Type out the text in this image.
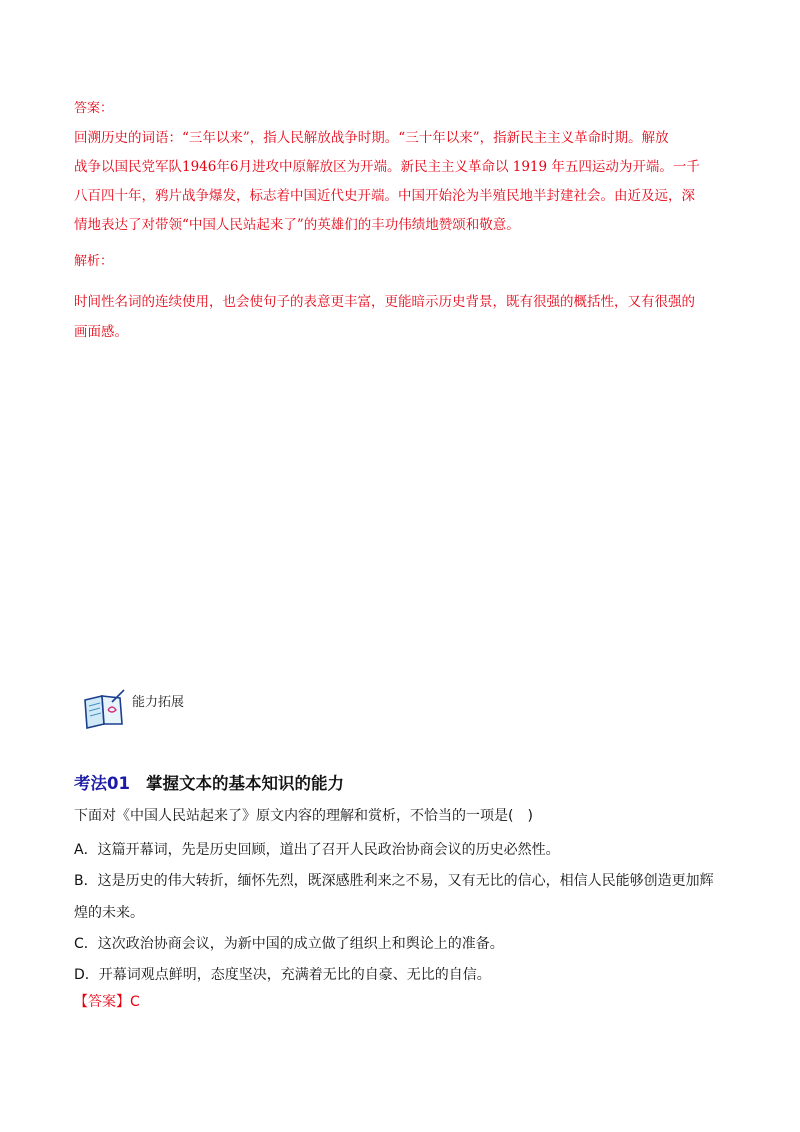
答案：
回溯历史的词语：“三年以来”，指人民解放战争时期。“三十年以来”，指新民主主义革命时期。解放
战争以国民党军队1946年6月进攻中原解放区为开端。新民主主义革命以 1919 年五四运动为开端。一千
八百四十年，鸦片战争爆发，标志着中国近代史开端。中国开始沦为半殖民地半封建社会。由近及远，深
情地表达了对带领“中国人民站起来了”的英雄们的丰功伟绩地赞颂和敬意。
解析：
时间性名词的连续使用，也会使句子的表意更丰富，更能暗示历史背景，既有很强的概括性，又有很强的
画面感。
能力拓展
考法01 掌握文本的基本知识的能力
下面对《中国人民站起来了》原文内容的理解和赏析，不恰当的一项是(　)
A．这篇开幕词，先是历史回顾，道出了召开人民政治协商会议的历史必然性。
B．这是历史的伟大转折，缅怀先烈，既深感胜利来之不易，又有无比的信心，相信人民能够创造更加辉
煌的未来。
C．这次政治协商会议，为新中国的成立做了组织上和舆论上的准备。
D．开幕词观点鲜明，态度坚决，充满着无比的自豪、无比的自信。
【答案】C
